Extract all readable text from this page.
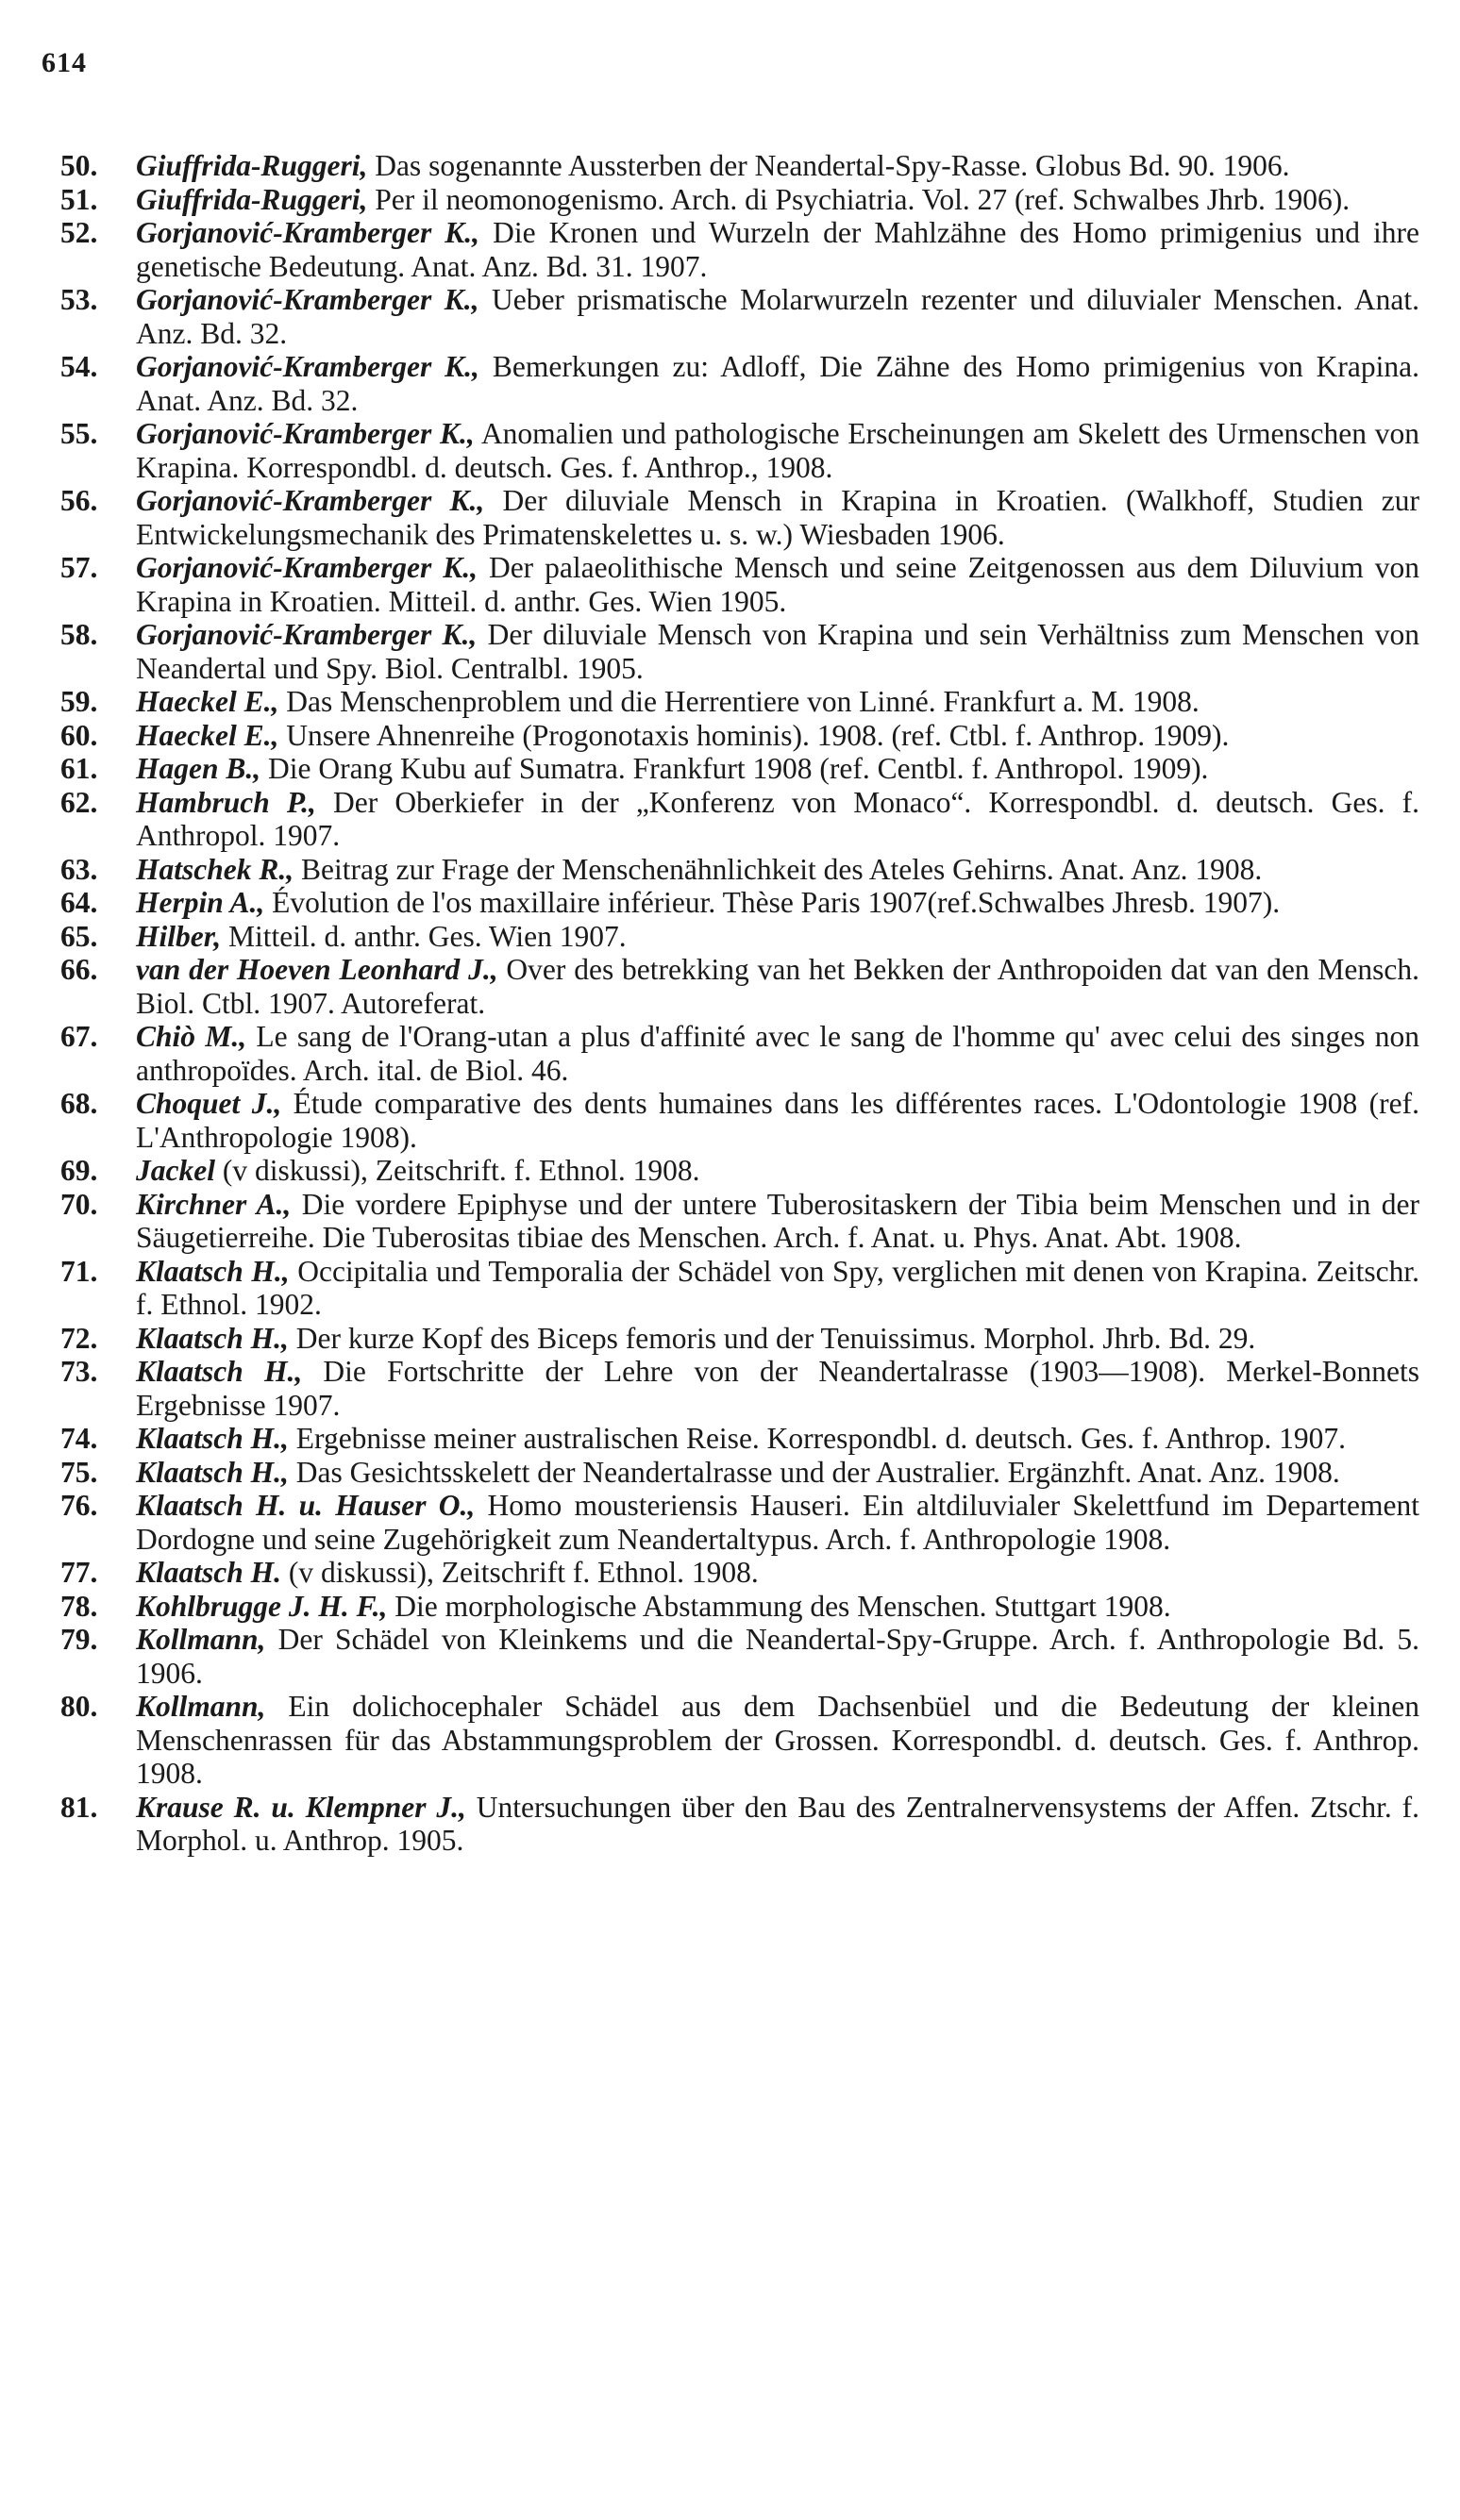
614
50.	Giuffrida-Ruggeri, Das sogenannte Aussterben der Neandertal-Spy-Rasse. Globus Bd. 90. 1906.
51.	Giuffrida-Ruggeri, Per il neomonogenismo. Arch. di Psychiatria. Vol. 27 (ref. Schwalbes Jhrb. 1906).
52.	Gorjanović-Kramberger K., Die Kronen und Wurzeln der Mahlzähne des Homo primigenius und ihre genetische Bedeutung. Anat. Anz. Bd. 31. 1907.
53.	Gorjanović-Kramberger K., Ueber prismatische Molarwurzeln rezenter und diluvialer Menschen. Anat. Anz. Bd. 32.
54.	Gorjanović-Kramberger K., Bemerkungen zu: Adloff, Die Zähne des Homo primigenius von Krapina. Anat. Anz. Bd. 32.
55.	Gorjanović-Kramberger K., Anomalien und pathologische Erscheinungen am Skelett des Urmenschen von Krapina. Korrespondbl. d. deutsch. Ges. f. Anthrop., 1908.
56.	Gorjanović-Kramberger K., Der diluviale Mensch in Krapina in Kroatien. (Walkhoff, Studien zur Entwickelungsmechanik des Primatenskelettes u. s. w.) Wiesbaden 1906.
57.	Gorjanović-Kramberger K., Der palaeolithische Mensch und seine Zeitgenossen aus dem Diluvium von Krapina in Kroatien. Mitteil. d. anthr. Ges. Wien 1905.
58.	Gorjanović-Kramberger K., Der diluviale Mensch von Krapina und sein Verhältniss zum Menschen von Neandertal und Spy. Biol. Centralbl. 1905.
59.	Haeckel E., Das Menschenproblem und die Herrentiere von Linné. Frankfurt a. M. 1908.
60.	Haeckel E., Unsere Ahnenreihe (Progonotaxis hominis). 1908. (ref. Ctbl. f. Anthrop. 1909).
61.	Hagen B., Die Orang Kubu auf Sumatra. Frankfurt 1908 (ref. Centbl. f. Anthropol. 1909).
62.	Hambruch P., Der Oberkiefer in der „Konferenz von Monaco“. Korrespondbl. d. deutsch. Ges. f. Anthropol. 1907.
63.	Hatschek R., Beitrag zur Frage der Menschenähnlichkeit des Ateles Gehirns. Anat. Anz. 1908.
64.	Herpin A., Évolution de l'os maxillaire inférieur. Thèse Paris 1907(ref.Schwalbes Jhresb. 1907).
65.	Hilber, Mitteil. d. anthr. Ges. Wien 1907.
66.	van der Hoeven Leonhard J., Over des betrekking van het Bekken der Anthropoiden dat van den Mensch. Biol. Ctbl. 1907. Autoreferat.
67.	Chiò M., Le sang de l'Orang-utan a plus d'affinité avec le sang de l'homme qu' avec celui des singes non anthropoïdes. Arch. ital. de Biol. 46.
68.	Choquet J., Étude comparative des dents humaines dans les différentes races. L'Odontologie 1908 (ref. L'Anthropologie 1908).
69.	Jackel (v diskussi), Zeitschrift. f. Ethnol. 1908.
70.	Kirchner A., Die vordere Epiphyse und der untere Tuberositaskern der Tibia beim Menschen und in der Säugetierreihe. Die Tuberositas tibiae des Menschen. Arch. f. Anat. u. Phys. Anat. Abt. 1908.
71.	Klaatsch H., Occipitalia und Temporalia der Schädel von Spy, verglichen mit denen von Krapina. Zeitschr. f. Ethnol. 1902.
72.	Klaatsch H., Der kurze Kopf des Biceps femoris und der Tenuissimus. Morphol. Jhrb. Bd. 29.
73.	Klaatsch H., Die Fortschritte der Lehre von der Neandertalrasse (1903—1908). Merkel-Bonnets Ergebnisse 1907.
74.	Klaatsch H., Ergebnisse meiner australischen Reise. Korrespondbl. d. deutsch. Ges. f. Anthrop. 1907.
75.	Klaatsch H., Das Gesichtsskelett der Neandertalrasse und der Australier. Ergänzhft. Anat. Anz. 1908.
76.	Klaatsch H. u. Hauser O., Homo mousteriensis Hauseri. Ein altdiluvialer Skelettfund im Departement Dordogne und seine Zugehörigkeit zum Neandertaltypus. Arch. f. Anthropologie 1908.
77.	Klaatsch H. (v diskussi), Zeitschrift f. Ethnol. 1908.
78.	Kohlbrugge J. H. F., Die morphologische Abstammung des Menschen. Stuttgart 1908.
79.	Kollmann, Der Schädel von Kleinkems und die Neandertal-Spy-Gruppe. Arch. f. Anthropologie Bd. 5. 1906.
80.	Kollmann, Ein dolichocephaler Schädel aus dem Dachsenbüel und die Bedeutung der kleinen Menschenrassen für das Abstammungsproblem der Grossen. Korrespondbl. d. deutsch. Ges. f. Anthrop. 1908.
81.	Krause R. u. Klempner J., Untersuchungen über den Bau des Zentralnervensystems der Affen. Ztschr. f. Morphol. u. Anthrop. 1905.
